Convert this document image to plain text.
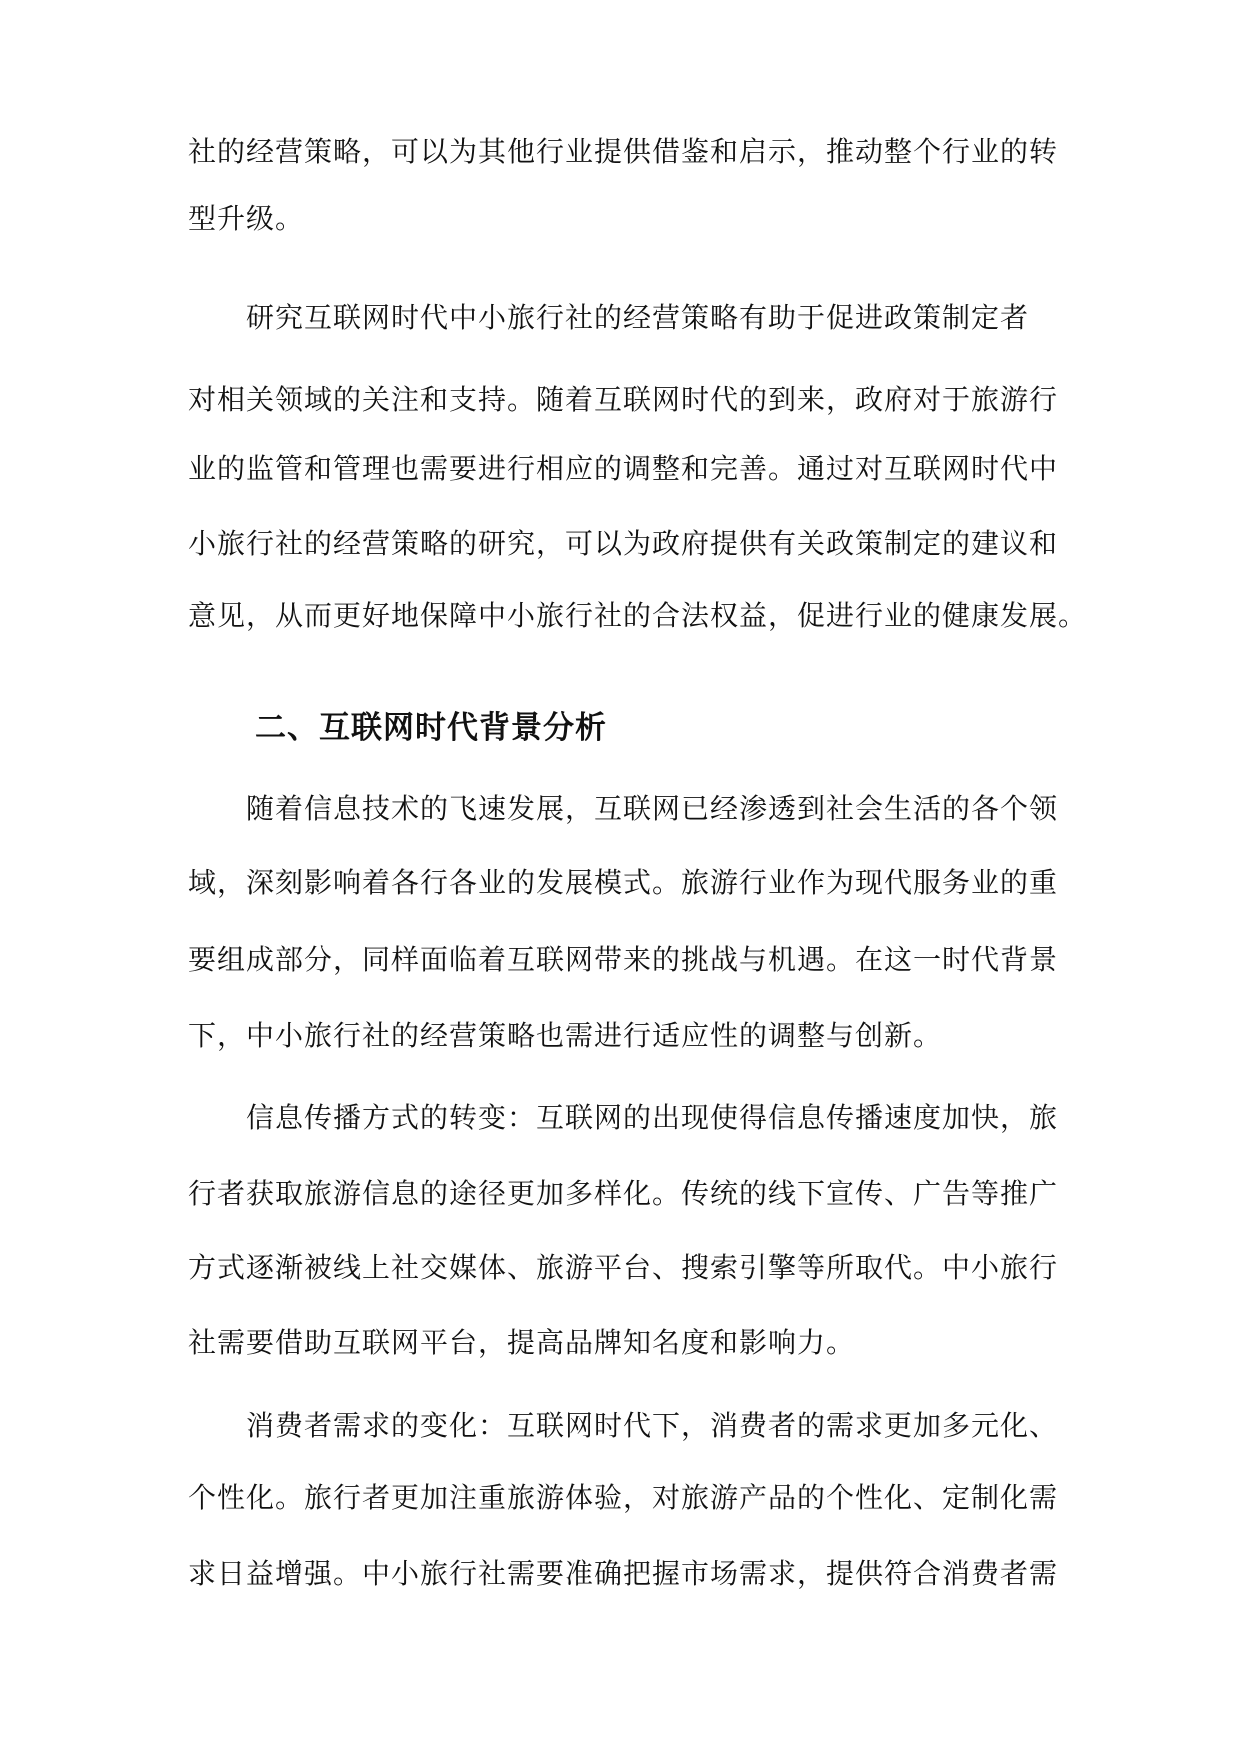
社的经营策略，可以为其他行业提供借鉴和启示，推动整个行业的转
型升级。
研究互联网时代中小旅行社的经营策略有助于促进政策制定者
对相关领域的关注和支持。随着互联网时代的到来，政府对于旅游行
业的监管和管理也需要进行相应的调整和完善。通过对互联网时代中
小旅行社的经营策略的研究，可以为政府提供有关政策制定的建议和
意见，从而更好地保障中小旅行社的合法权益，促进行业的健康发展。
二、互联网时代背景分析
随着信息技术的飞速发展，互联网已经渗透到社会生活的各个领
域，深刻影响着各行各业的发展模式。旅游行业作为现代服务业的重
要组成部分，同样面临着互联网带来的挑战与机遇。在这一时代背景
下，中小旅行社的经营策略也需进行适应性的调整与创新。
信息传播方式的转变：互联网的出现使得信息传播速度加快，旅
行者获取旅游信息的途径更加多样化。传统的线下宣传、广告等推广
方式逐渐被线上社交媒体、旅游平台、搜索引擎等所取代。中小旅行
社需要借助互联网平台，提高品牌知名度和影响力。
消费者需求的变化：互联网时代下，消费者的需求更加多元化、
个性化。旅行者更加注重旅游体验，对旅游产品的个性化、定制化需
求日益增强。中小旅行社需要准确把握市场需求，提供符合消费者需
